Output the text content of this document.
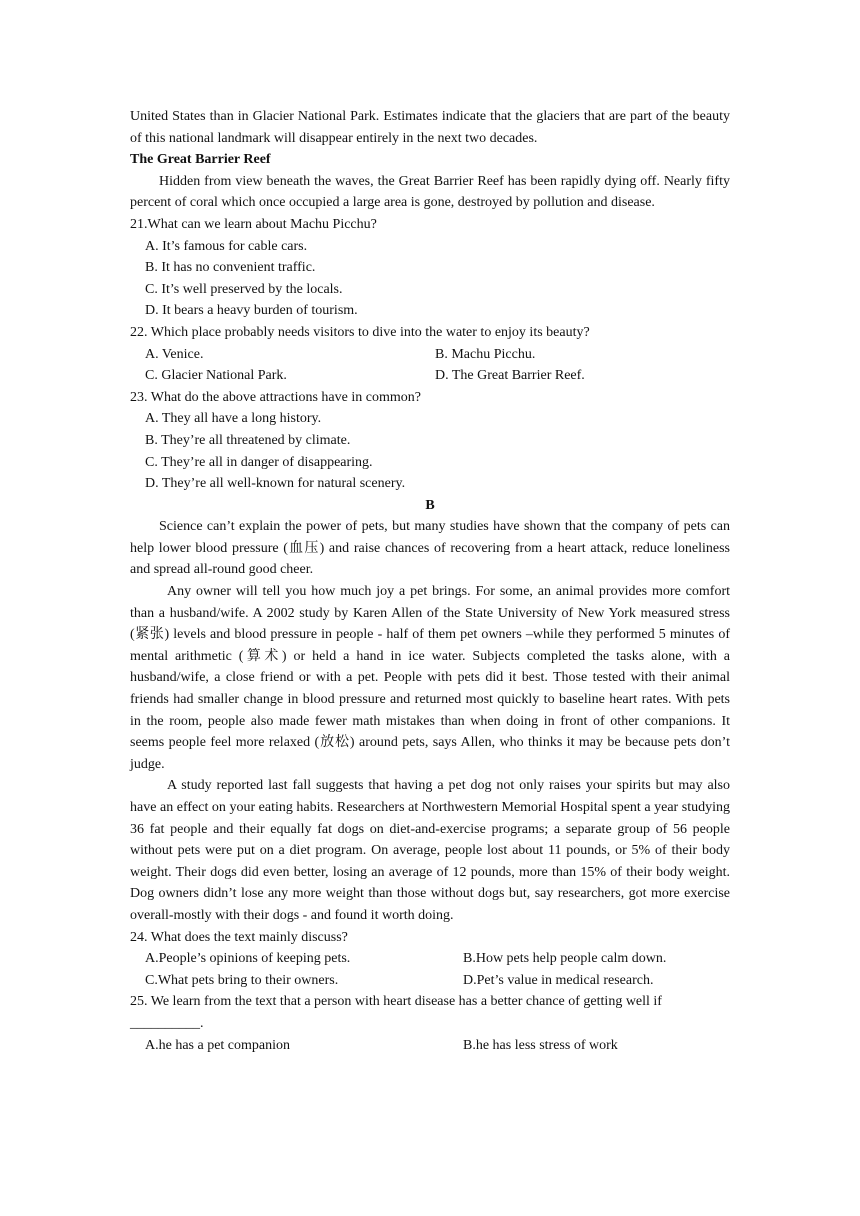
United States than in Glacier National Park. Estimates indicate that the glaciers that are part of the beauty of this national landmark will disappear entirely in the next two decades.

The Great Barrier Reef

Hidden from view beneath the waves, the Great Barrier Reef has been rapidly dying off. Nearly fifty percent of coral which once occupied a large area is gone, destroyed by pollution and disease.

21.What can we learn about Machu Picchu?

A. It’s famous for cable cars.

B. It has no convenient traffic.

C. It’s well preserved by the locals.

D. It bears a heavy burden of tourism.

22. Which place probably needs visitors to dive into the water to enjoy its beauty?

A. Venice.	B. Machu Picchu.
C. Glacier National Park.	D. The Great Barrier Reef.

23. What do the above attractions have in common?

A. They all have a long history.

B. They’re all threatened by climate.

C. They’re all in danger of disappearing.

D. They’re all well-known for natural scenery.

B

Science can’t explain the power of pets, but many studies have shown that the company of pets can help lower blood pressure (血压) and raise chances of recovering from a heart attack, reduce loneliness and spread all-round good cheer.

Any owner will tell you how much joy a pet brings. For some, an animal provides more comfort than a husband/wife. A 2002 study by Karen Allen of the State University of New York measured stress (紧张) levels and blood pressure in people - half of them pet owners –while they performed 5 minutes of mental arithmetic (算术) or held a hand in ice water. Subjects completed the tasks alone, with a husband/wife, a close friend or with a pet. People with pets did it best. Those tested with their animal friends had smaller change in blood pressure and returned most quickly to baseline heart rates. With pets in the room, people also made fewer math mistakes than when doing in front of other companions. It seems people feel more relaxed (放松) around pets, says Allen, who thinks it may be because pets don’t judge.

A study reported last fall suggests that having a pet dog not only raises your spirits but may also have an effect on your eating habits. Researchers at Northwestern Memorial Hospital spent a year studying 36 fat people and their equally fat dogs on diet-and-exercise programs; a separate group of 56 people without pets were put on a diet program. On average, people lost about 11 pounds, or 5% of their body weight. Their dogs did even better, losing an average of 12 pounds, more than 15% of their body weight. Dog owners didn’t lose any more weight than those without dogs but, say researchers, got more exercise overall-mostly with their dogs - and found it worth doing.

24. What does the text mainly discuss?

A.People’s opinions of keeping pets.	B.How pets help people calm down.
C.What pets bring to their owners.	D.Pet’s value in medical research.

25. We learn from the text that a person with heart disease has a better chance of getting well if

__________.

A.he has a pet companion	B.he has less stress of work
